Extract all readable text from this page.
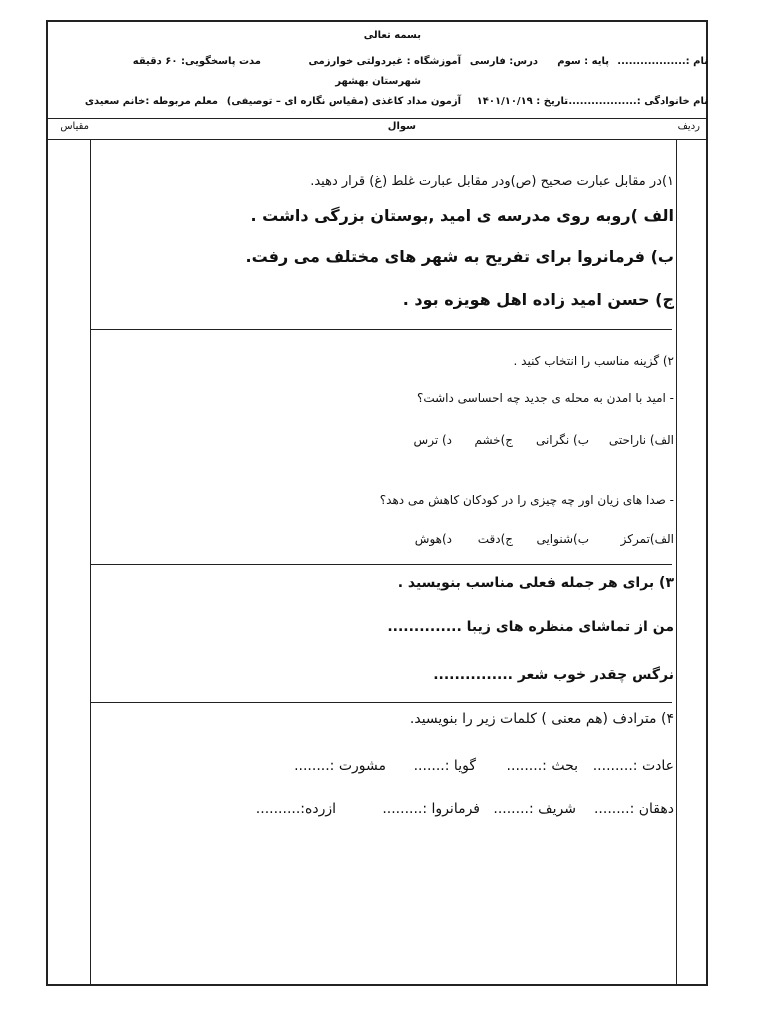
بسمه تعالی
نام :..................
پایه : سوم
درس: فارسی
آموزشگاه : غیردولتی خوارزمی
مدت پاسخگویی: ۶۰ دقیقه
شهرستان بهشهر
نام خانوادگی :...................
تاریخ : ۱۴۰۱/۱۰/۱۹
آزمون مداد کاغذی (مقیاس نگاره ای – توصیفی)
معلم مربوطه :خانم سعیدی
ردیف
سوال
مقیاس
۱)در مقابل عبارت صحیح (ص)ودر مقابل عبارت غلط (غ) قرار دهید.
الف )روبه روی مدرسه ی امید ,بوستان بزرگی داشت .
ب) فرمانروا برای تفریح به شهر های مختلف می رفت.
ج) حسن امید زاده اهل هویزه بود .
۲) گزینه مناسب را انتخاب کنید .
- امید با امدن به محله ی جدید چه احساسی داشت؟
الف) ناراحتی
ب) نگرانی
ج)خشم
د) ترس
- صدا های زیان اور چه چیزی را در کودکان کاهش می دهد؟
الف)تمرکز
ب)شنوایی
ج)دقت
د)هوش
۳) برای هر جمله فعلی مناسب بنویسید .
من از تماشای منظره های زیبا ..............
نرگس چقدر خوب شعر ...............
۴) مترادف (هم معنی ) کلمات زیر را بنویسید.
عادت :.........
بحث :........
گویا :.......
مشورت :........
دهقان :........
شریف :........
فرمانروا :.........
ازرده:..........
